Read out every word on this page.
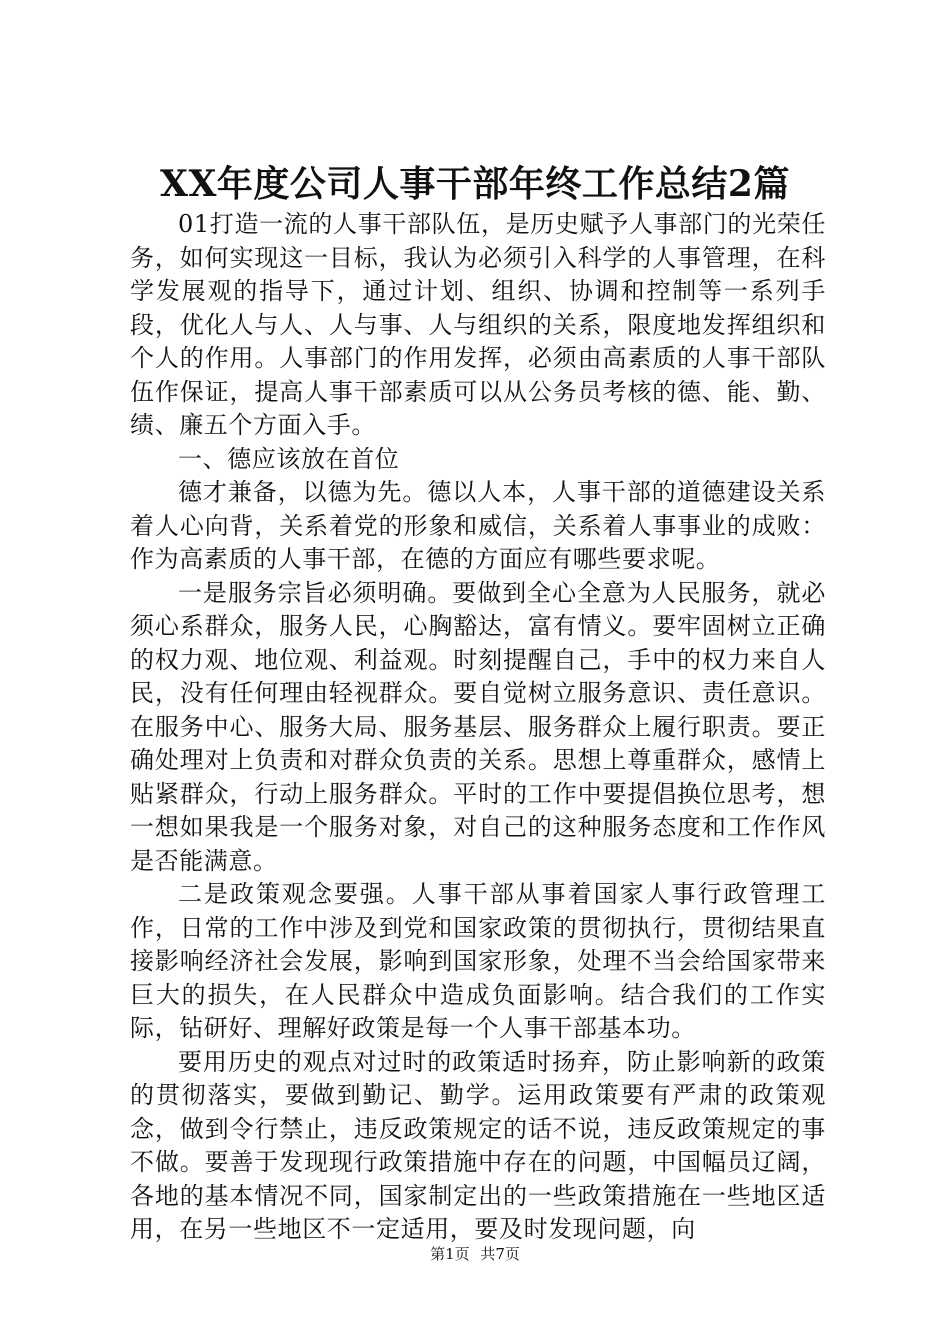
XX年度公司人事干部年终工作总结2篇

01打造一流的人事干部队伍，是历史赋予人事部门的光荣任务，如何实现这一目标，我认为必须引入科学的人事管理，在科学发展观的指导下，通过计划、组织、协调和控制等一系列手段，优化人与人、人与事、人与组织的关系，限度地发挥组织和个人的作用。人事部门的作用发挥，必须由高素质的人事干部队伍作保证，提高人事干部素质可以从公务员考核的德、能、勤、绩、廉五个方面入手。

一、德应该放在首位

德才兼备，以德为先。德以人本，人事干部的道德建设关系着人心向背，关系着党的形象和威信，关系着人事事业的成败：作为高素质的人事干部，在德的方面应有哪些要求呢。

一是服务宗旨必须明确。要做到全心全意为人民服务，就必须心系群众，服务人民，心胸豁达，富有情义。要牢固树立正确的权力观、地位观、利益观。时刻提醒自己，手中的权力来自人民，没有任何理由轻视群众。要自觉树立服务意识、责任意识。在服务中心、服务大局、服务基层、服务群众上履行职责。要正确处理对上负责和对群众负责的关系。思想上尊重群众，感情上贴紧群众，行动上服务群众。平时的工作中要提倡换位思考，想一想如果我是一个服务对象，对自己的这种服务态度和工作作风是否能满意。

二是政策观念要强。人事干部从事着国家人事行政管理工作，日常的工作中涉及到党和国家政策的贯彻执行，贯彻结果直接影响经济社会发展，影响到国家形象，处理不当会给国家带来巨大的损失，在人民群众中造成负面影响。结合我们的工作实际，钻研好、理解好政策是每一个人事干部基本功。

要用历史的观点对过时的政策适时扬弃，防止影响新的政策的贯彻落实，要做到勤记、勤学。运用政策要有严肃的政策观念，做到令行禁止，违反政策规定的话不说，违反政策规定的事不做。要善于发现现行政策措施中存在的问题，中国幅员辽阔，各地的基本情况不同，国家制定出的一些政策措施在一些地区适用，在另一些地区不一定适用，要及时发现问题，向

第1页 共7页
